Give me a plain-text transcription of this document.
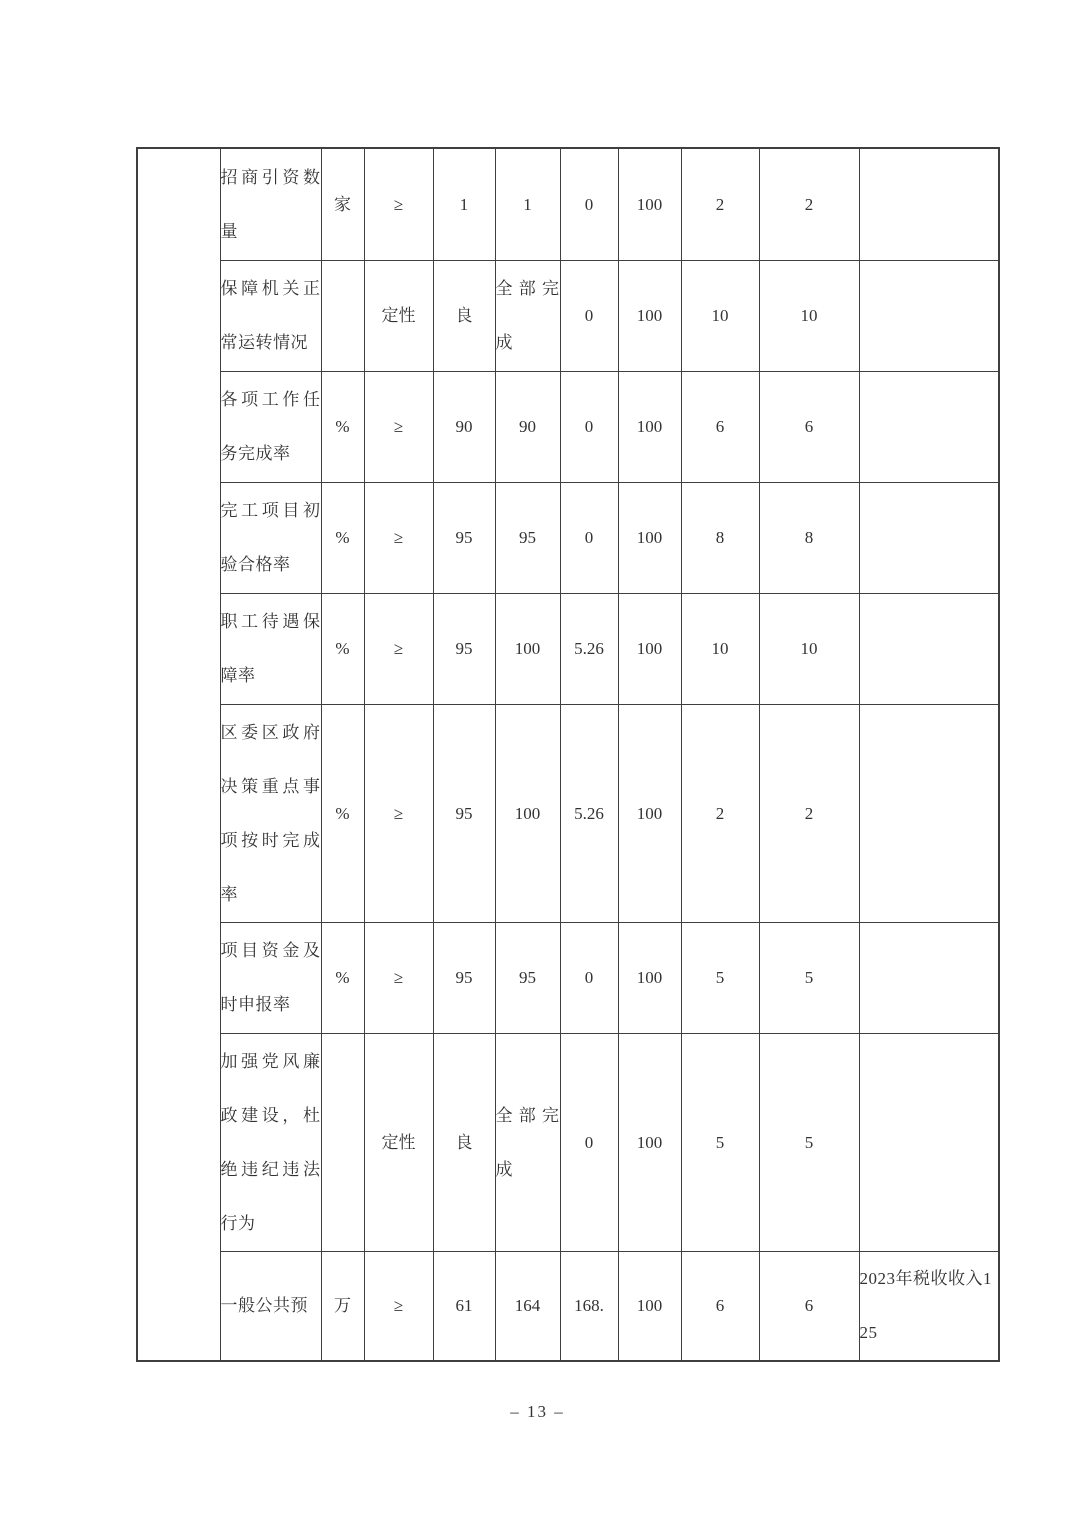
	招商引资数量	家	≥	1	1	0	100	2	2	
	保障机关正常运转情况		定性	良	全部完成	0	100	10	10	
	各项工作任务完成率	%	≥	90	90	0	100	6	6	
	完工项目初验合格率	%	≥	95	95	0	100	8	8	
	职工待遇保障率	%	≥	95	100	5.26	100	10	10	
	区委区政府决策重点事项按时完成率	%	≥	95	100	5.26	100	2	2	
	项目资金及时申报率	%	≥	95	95	0	100	5	5	
	加强党风廉政建设，杜绝违纪违法行为		定性	良	全部完成	0	100	5	5	
	一般公共预	万	≥	61	164	168.	100	6	6	2023年税收收入125
– 13 –
